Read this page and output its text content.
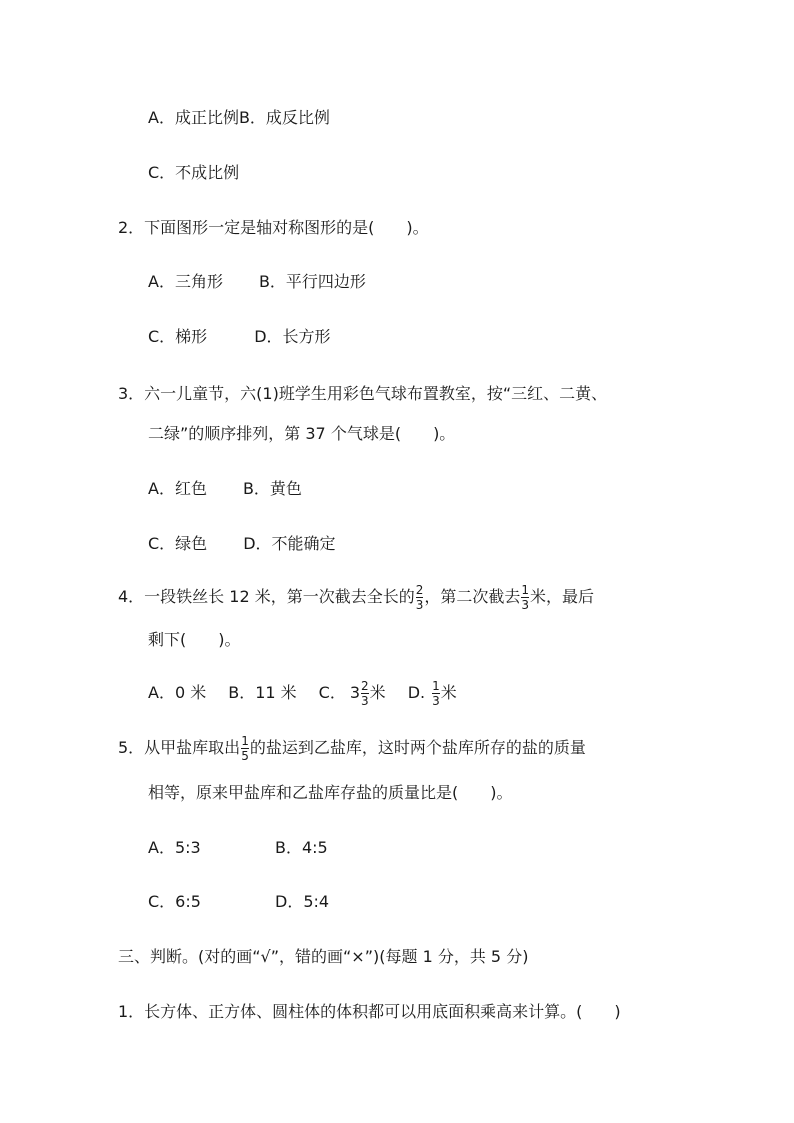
A．成正比例B．成反比例
C．不成比例
2．下面图形一定是轴对称图形的是(　　)。
A．三角形 B．平行四边形
C．梯形	D．长方形
3．六一儿童节，六(1)班学生用彩色气球布置教室，按“三红、二黄、
二绿”的顺序排列，第 37 个气球是(　　)。
A．红色 B．黄色
C．绿色 D．不能确定
4．一段铁丝长 12 米，第一次截去全长的 $\frac{2}{3}$ ，第二次截去 $\frac{1}{3}$ 米，最后
剩下(　　)。
A．0 米 B．11 米 C． $3 \frac{2}{3}$ 米 D. $\frac{1}{3}$ 米
5．从甲盐库取出 $\frac{1}{5}$ 的盐运到乙盐库，这时两个盐库所存的盐的质量
相等，原来甲盐库和乙盐库存盐的质量比是(　　)。
A．5:3	B．4:5
C．6:5	D．5:4
三、判断。(对的画“√”，错的画“×”)(每题 1 分，共 5 分)
1．长方体、正方体、圆柱体的体积都可以用底面积乘高来计算。(　　)
